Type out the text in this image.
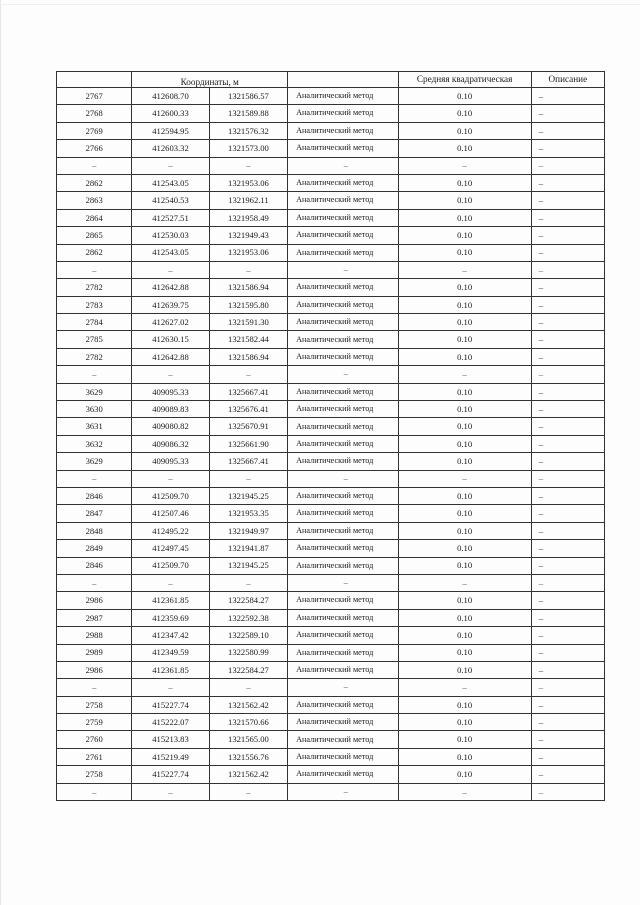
	Координаты, м			Средняя квадратическая	Описание
2767	412608.70	1321586.57	Аналитический метод	0.10	–
2768	412600.33	1321589.88	Аналитический метод	0.10	–
2769	412594.95	1321576.32	Аналитический метод	0.10	–
2766	412603.32	1321573.00	Аналитический метод	0.10	–
–	–	–	–	–	–
2862	412543.05	1321953.06	Аналитический метод	0.10	–
2863	412540.53	1321962.11	Аналитический метод	0.10	–
2864	412527.51	1321958.49	Аналитический метод	0.10	–
2865	412530.03	1321949.43	Аналитический метод	0.10	–
2862	412543.05	1321953.06	Аналитический метод	0.10	–
–	–	–	–	–	–
2782	412642.88	1321586.94	Аналитический метод	0.10	–
2783	412639.75	1321595.80	Аналитический метод	0.10	–
2784	412627.02	1321591.30	Аналитический метод	0.10	–
2785	412630.15	1321582.44	Аналитический метод	0.10	–
2782	412642.88	1321586.94	Аналитический метод	0.10	–
–	–	–	–	–	–
3629	409095.33	1325667.41	Аналитический метод	0.10	–
3630	409089.83	1325676.41	Аналитический метод	0.10	–
3631	409080.82	1325670.91	Аналитический метод	0.10	–
3632	409086.32	1325661.90	Аналитический метод	0.10	–
3629	409095.33	1325667.41	Аналитический метод	0.10	–
–	–	–	–	–	–
2846	412509.70	1321945.25	Аналитический метод	0.10	–
2847	412507.46	1321953.35	Аналитический метод	0.10	–
2848	412495.22	1321949.97	Аналитический метод	0.10	–
2849	412497.45	1321941.87	Аналитический метод	0.10	–
2846	412509.70	1321945.25	Аналитический метод	0.10	–
–	–	–	–	–	–
2986	412361.85	1322584.27	Аналитический метод	0.10	–
2987	412359.69	1322592.38	Аналитический метод	0.10	–
2988	412347.42	1322589.10	Аналитический метод	0.10	–
2989	412349.59	1322580.99	Аналитический метод	0.10	–
2986	412361.85	1322584.27	Аналитический метод	0.10	–
–	–	–	–	–	–
2758	415227.74	1321562.42	Аналитический метод	0.10	–
2759	415222.07	1321570.66	Аналитический метод	0.10	–
2760	415213.83	1321565.00	Аналитический метод	0.10	–
2761	415219.49	1321556.76	Аналитический метод	0.10	–
2758	415227.74	1321562.42	Аналитический метод	0.10	–
–	–	–	–	–	–
